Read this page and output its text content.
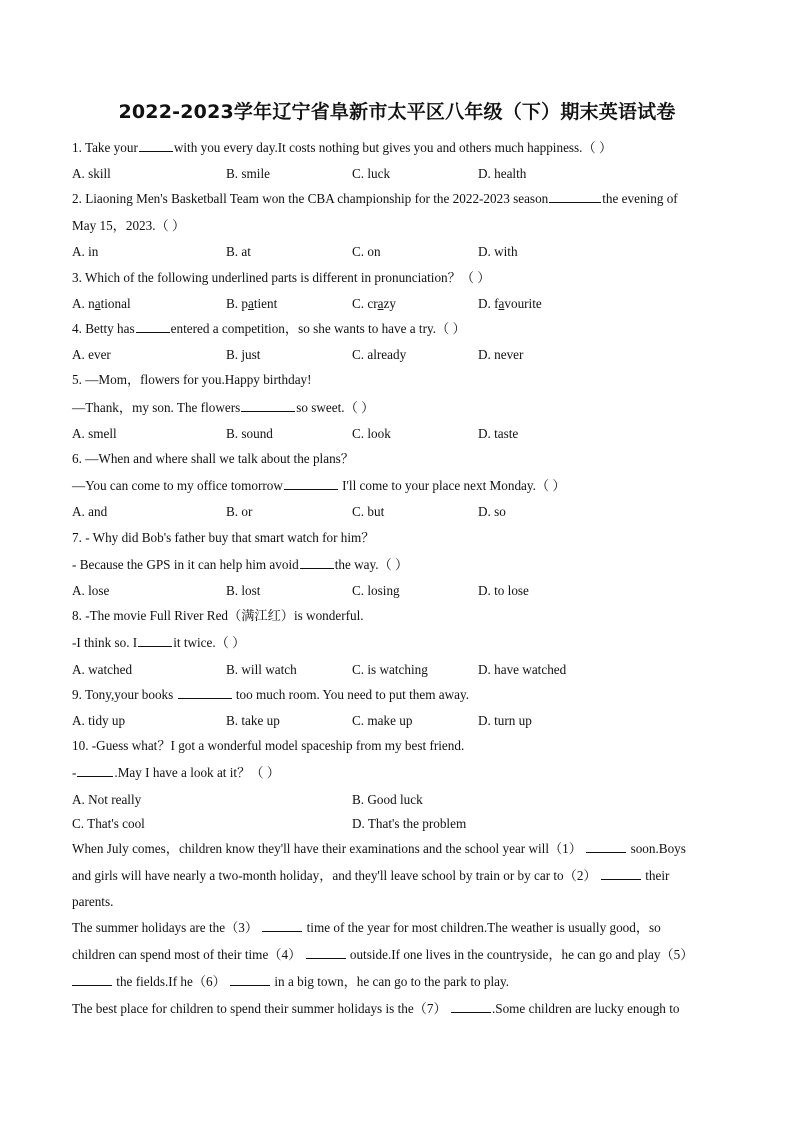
2022-2023学年辽宁省阜新市太平区八年级（下）期末英语试卷
1. Take your	with you every day.It costs nothing but gives you and others much happiness.（ ）
A. skill	B. smile	C. luck	D. health
2. Liaoning Men's Basketball Team won the CBA championship for the 2022-2023 season	the evening of
May 15，2023.（ ）
A. in	B. at	C. on	D. with
3. Which of the following underlined parts is different in pronunciation？（ ）
A. national	B. patient	C. crazy	D. favourite
4. Betty has	entered a competition，so she wants to have a try.（ ）
A. ever	B. just	C. already	D. never
5. —Mom，flowers for you.Happy birthday!
—Thank，my son. The flowers	so sweet.（ ）
A. smell	B. sound	C. look	D. taste
6. —When and where shall we talk about the plans？
—You can come to my office tomorrow	I'll come to your place next Monday.（ ）
A. and	B. or	C. but	D. so
7. - Why did Bob's father buy that smart watch for him？
- Because the GPS in it can help him avoid	the way.（ ）
A. lose	B. lost	C. losing	D. to lose
8. -The movie Full River Red（满江红）is wonderful.
-I think so. I	it twice.（ ）
A. watched	B. will watch	C. is watching	D. have watched
9. Tony,your books	too much room. You need to put them away.
A. tidy up	B. take up	C. make up	D. turn up
10. -Guess what？I got a wonderful model spaceship from my best friend.
-	.May I have a look at it？（ ）
A. Not really	B. Good luck
C. That's cool	D. That's the problem
When July comes，children know they'll have their examinations and the school year will（1）	soon.Boys
and girls will have nearly a two-month holiday，and they'll leave school by train or by car to（2）	their
parents.
The summer holidays are the（3）	time of the year for most children.The weather is usually good，so
children can spend most of their time（4）	outside.If one lives in the countryside，he can go and play（5）
the fields.If he（6）	in a big town，he can go to the park to play.
The best place for children to spend their summer holidays is the（7）	.Some children are lucky enough to
